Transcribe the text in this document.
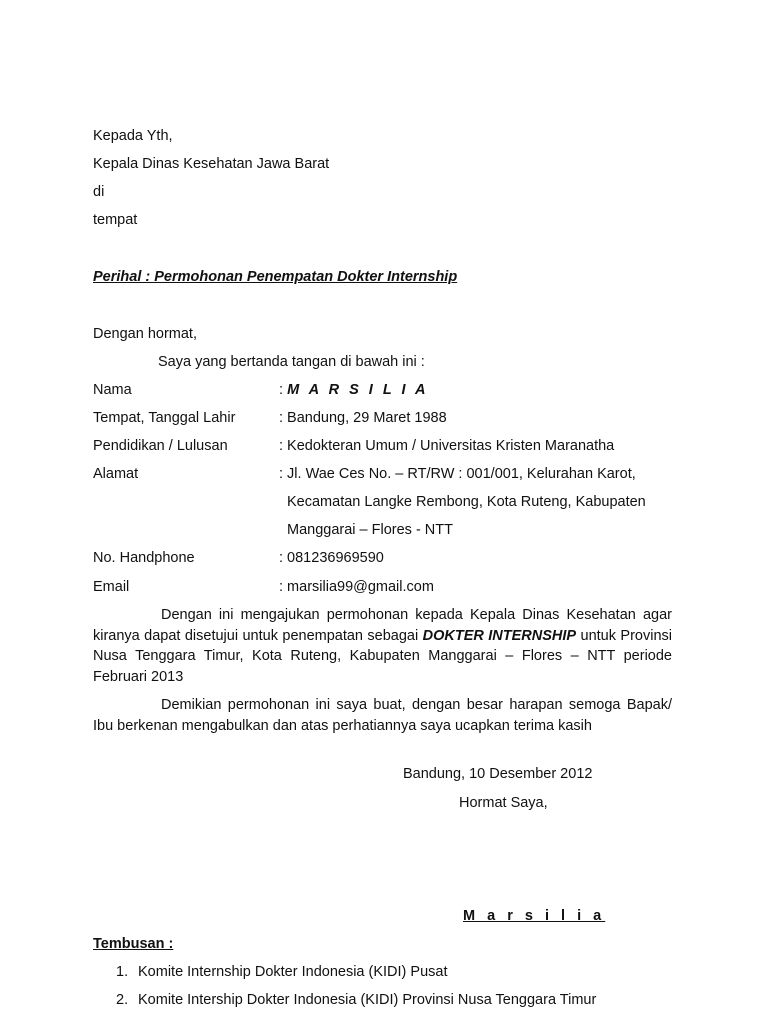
Kepada Yth,
Kepala Dinas Kesehatan Jawa Barat
di
tempat
Perihal : Permohonan Penempatan Dokter Internship
Dengan hormat,
Saya yang bertanda tangan di bawah ini :
Nama	: M A R S I L I A
Tempat, Tanggal Lahir	: Bandung, 29 Maret 1988
Pendidikan / Lulusan	: Kedokteran Umum / Universitas Kristen Maranatha
Alamat	: Jl. Wae Ces No. – RT/RW : 001/001, Kelurahan Karot,
Kecamatan Langke Rembong, Kota Ruteng, Kabupaten
Manggarai – Flores - NTT
No. Handphone	: 081236969590
Email	: marsilia99@gmail.com
Dengan ini mengajukan permohonan kepada Kepala Dinas Kesehatan agar kiranya dapat disetujui untuk penempatan sebagai DOKTER INTERNSHIP untuk Provinsi Nusa Tenggara Timur, Kota Ruteng, Kabupaten Manggarai – Flores – NTT periode Februari 2013
Demikian permohonan ini saya buat, dengan besar harapan semoga Bapak/ Ibu berkenan mengabulkan dan atas perhatiannya saya ucapkan terima kasih
Bandung, 10 Desember 2012
Hormat Saya,
M a r s i l i a
Tembusan :
1. Komite Internship Dokter Indonesia (KIDI) Pusat
2. Komite Intership Dokter Indonesia (KIDI) Provinsi Nusa Tenggara Timur
